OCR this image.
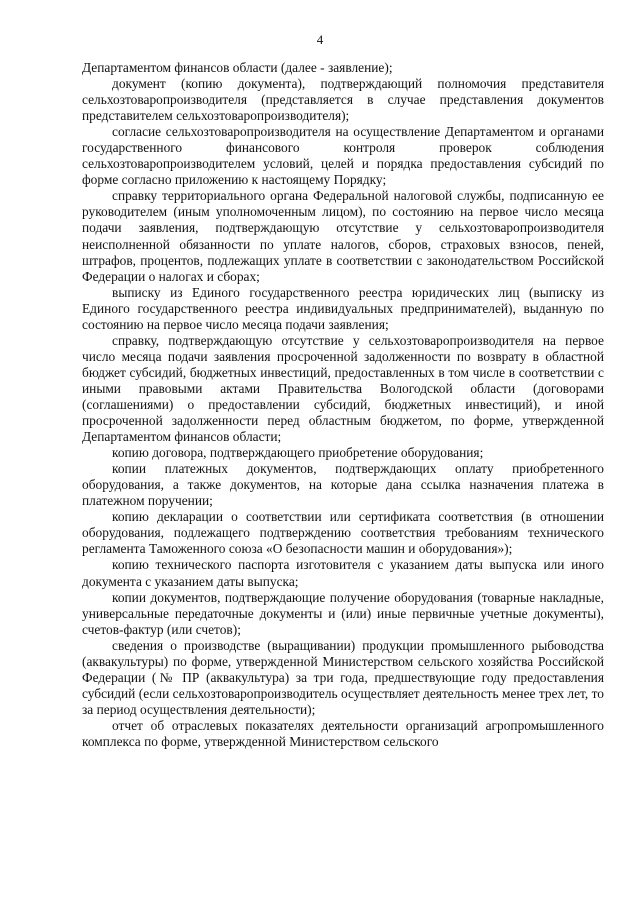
4

Департаментом финансов области (далее - заявление);

документ (копию документа), подтверждающий полномочия представителя сельхозтоваропроизводителя (представляется в случае представления документов представителем сельхозтоваропроизводителя);

согласие сельхозтоваропроизводителя на осуществление Департаментом и органами государственного финансового контроля проверок соблюдения сельхозтоваропроизводителем условий, целей и порядка предоставления субсидий по форме согласно приложению к настоящему Порядку;

справку территориального органа Федеральной налоговой службы, подписанную ее руководителем (иным уполномоченным лицом), по состоянию на первое число месяца подачи заявления, подтверждающую отсутствие у сельхозтоваропроизводителя неисполненной обязанности по уплате налогов, сборов, страховых взносов, пеней, штрафов, процентов, подлежащих уплате в соответствии с законодательством Российской Федерации о налогах и сборах;

выписку из Единого государственного реестра юридических лиц (выписку из Единого государственного реестра индивидуальных предпринимателей), выданную по состоянию на первое число месяца подачи заявления;

справку, подтверждающую отсутствие у сельхозтоваропроизводителя на первое число месяца подачи заявления просроченной задолженности по возврату в областной бюджет субсидий, бюджетных инвестиций, предоставленных в том числе в соответствии с иными правовыми актами Правительства Вологодской области (договорами (соглашениями) о предоставлении субсидий, бюджетных инвестиций), и иной просроченной задолженности перед областным бюджетом, по форме, утвержденной Департаментом финансов области;

копию договора, подтверждающего приобретение оборудования;

копии платежных документов, подтверждающих оплату приобретенного оборудования, а также документов, на которые дана ссылка назначения платежа в платежном поручении;

копию декларации о соответствии или сертификата соответствия (в отношении оборудования, подлежащего подтверждению соответствия требованиям технического регламента Таможенного союза «О безопасности машин и оборудования»);

копию технического паспорта изготовителя с указанием даты выпуска или иного документа с указанием даты выпуска;

копии документов, подтверждающие получение оборудования (товарные накладные, универсальные передаточные документы и (или) иные первичные учетные документы), счетов-фактур (или счетов);

сведения о производстве (выращивании) продукции промышленного рыбоводства (аквакультуры) по форме, утвержденной Министерством сельского хозяйства Российской Федерации (№ ПР (аквакультура) за три года, предшествующие году предоставления субсидий (если сельхозтоваропроизводитель осуществляет деятельность менее трех лет, то за период осуществления деятельности);

отчет об отраслевых показателях деятельности организаций агропромышленного комплекса по форме, утвержденной Министерством сельского
